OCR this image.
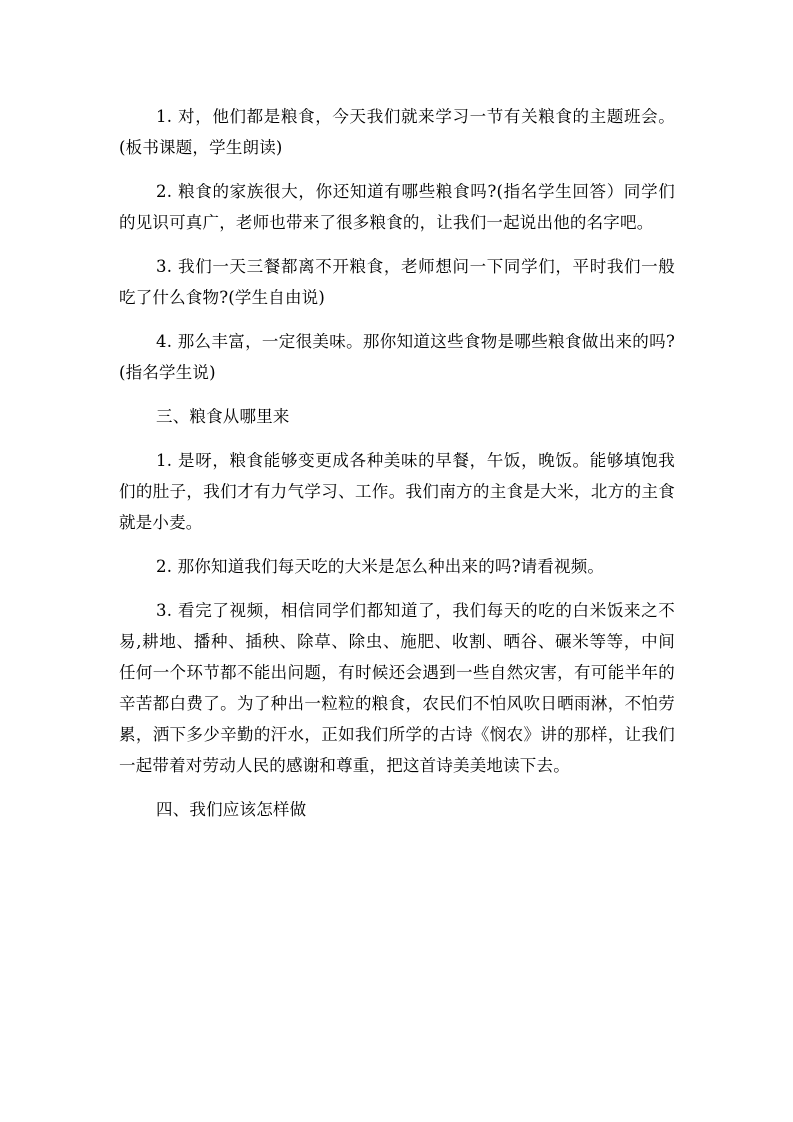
1. 对，他们都是粮食，今天我们就来学习一节有关粮食的主题班会。(板书课题，学生朗读)

2. 粮食的家族很大，你还知道有哪些粮食吗?(指名学生回答）同学们的见识可真广，老师也带来了很多粮食的，让我们一起说出他的名字吧。

3. 我们一天三餐都离不开粮食，老师想问一下同学们，平时我们一般吃了什么食物?(学生自由说)

4. 那么丰富，一定很美味。那你知道这些食物是哪些粮食做出来的吗?(指名学生说)

三、粮食从哪里来

1. 是呀，粮食能够变更成各种美味的早餐，午饭，晚饭。能够填饱我们的肚子，我们才有力气学习、工作。我们南方的主食是大米，北方的主食就是小麦。

2. 那你知道我们每天吃的大米是怎么种出来的吗?请看视频。

3. 看完了视频，相信同学们都知道了，我们每天的吃的白米饭来之不易,耕地、播种、插秧、除草、除虫、施肥、收割、晒谷、碾米等等，中间任何一个环节都不能出问题，有时候还会遇到一些自然灾害，有可能半年的辛苦都白费了。为了种出一粒粒的粮食，农民们不怕风吹日晒雨淋，不怕劳累，洒下多少辛勤的汗水，正如我们所学的古诗《悯农》讲的那样，让我们一起带着对劳动人民的感谢和尊重，把这首诗美美地读下去。

四、我们应该怎样做
